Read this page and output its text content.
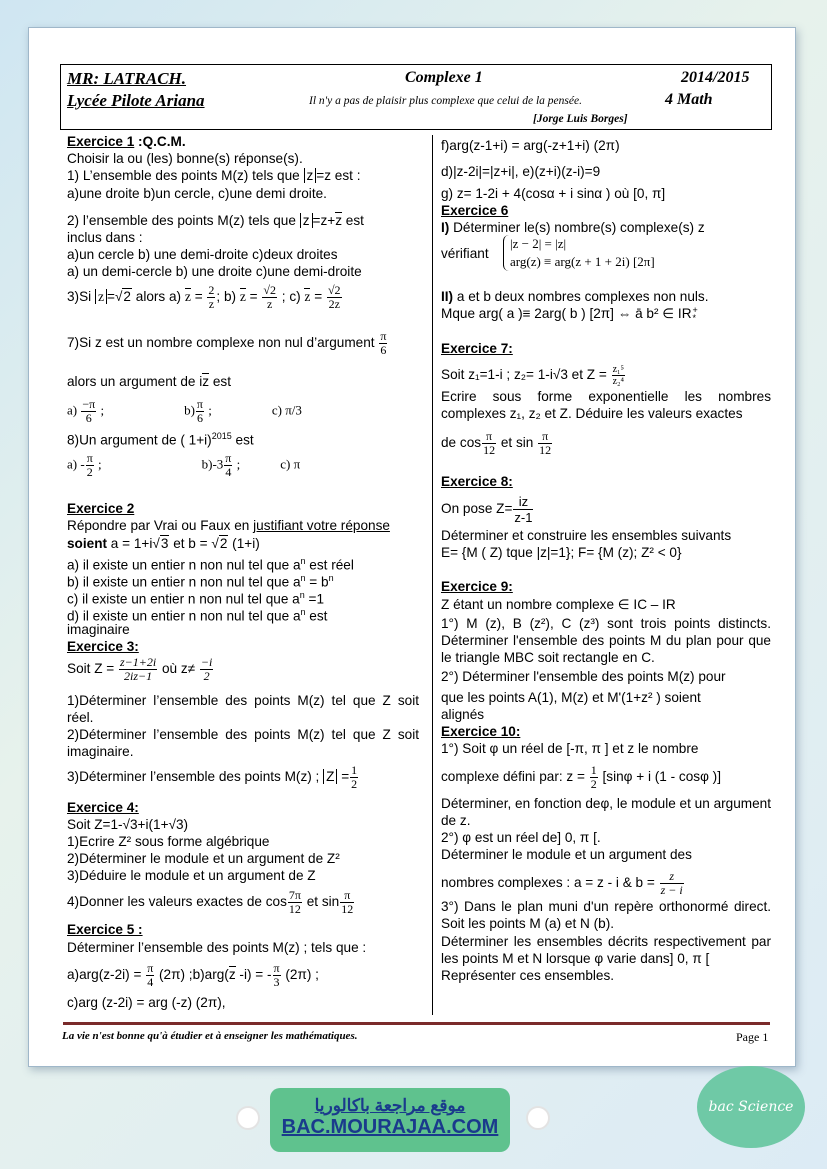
MR: LATRACH.	Complexe 1	2014/2015
Lycée Pilote Ariana	Il n'y a pas de plaisir plus complexe que celui de la pensée.	4 Math
[Jorge Luis Borges]
Exercice 1 :Q.C.M.
Choisir la ou (les) bonne(s) réponse(s).
1) L’ensemble des points M(z) tels que z =z est :
a)une droite b)un cercle, c)une demi droite.
2) l’ensemble des points M(z) tels que z =z+z est
inclus dans :
a)un cercle b) une demi-droite c)deux droites
a) un demi-cercle b) une droite c)une demi-droite
3)Si z =√2 alors a) $z = \frac{2}{z}$ ; b) $z = \frac{√2}{z}$ ; c) $z = \frac{√2}{2z}$
7)Si z est un nombre complexe non nul d’argument $\frac{\pi}{6}$
alors un argument de iz est
$a) \frac{-\pi}{6}$ ;	$b) \frac{\pi}{6}$ ;	c) π/3
8)Un argument de ( 1+i)$^{2015}$ est
$a) - \frac{\pi}{2}$ ;	$b)-3 \frac{\pi}{4}$ ;	c) π
Exercice 2
Répondre par Vrai ou Faux en justifiant votre réponse
soient a = 1+i√3 et b = √2 (1+i)
a) il existe un entier n non nul tel que $a^n$ est réel
b) il existe un entier n non nul tel que $a^n = b^n$
c) il existe un entier n non nul tel que $a^n =1$
d) il existe un entier n non nul tel que $a^n$ est
imaginaire
Exercice 3:
Soit $Z = \frac{z-1+2i}{2iz-1}$ où $z\ne \frac{-i}{2}$
1)Déterminer l’ensemble des points M(z) tel que Z soit réel.
2)Déterminer l’ensemble des points M(z) tel que Z soit imaginaire.
3)Déterminer l’ensemble des points M(z) ; $Z = \frac{1}{2}$
Exercice 4:
Soit Z=1-√3+i(1+√3)
1)Ecrire Z² sous forme algébrique
2)Déterminer le module et un argument de Z²
3)Déduire le module et un argument de Z
4)Donner les valeurs exactes de $\cos \frac{7\pi}{12}$ et $\sin \frac{\pi}{12}$
Exercice 5 :
Déterminer l’ensemble des points M(z) ; tels que :
$a)arg(z-2i) = \frac{\pi}{4} (2\pi)$ ;b)arg(z -i) = - $\frac{\pi}{3} (2\pi)$ ;
c)arg (z-2i) = arg (-z) (2π),
f)arg(z-1+i) = arg(-z+1+i) (2π)
d)|z-2i|=|z+i|, e)(z+i)(z-i)=9
g) z= 1-2i + 4(cosα + i sinα ) où [0, π]
Exercice 6
I) Déterminer le(s) nombre(s) complexe(s) z
vérifiant
|z − 2| = |z|
arg(z) ≡ arg(z + 1 + 2i) [2π]
II) a et b deux nombres complexes non nuls.
Mque arg( a )≡ 2arg( b ) [2π] ⇔ ā b² ∈ IR +
*
Exercice 7:
Soit z₁=1-i ; z₂= 1-i√3 et $Z = \frac{\text{z₁⁵}}{\text{z₂⁴}}$
Ecrire sous forme exponentielle les nombres complexes z₁, z₂ et Z. Déduire les valeurs exactes
de $\cos \frac{\pi}{12}$ et $\sin \frac{\pi}{12}$
Exercice 8:
On pose $Z= \frac{iz}{z-1}$
Déterminer et construire les ensembles suivants
E= {M ( Z) tque |z|=1}; F= {M (z); Z² < 0}
Exercice 9:
Z étant un nombre complexe ∈ IC – IR
1°) M (z), B (z²), C (z³) sont trois points distincts. Déterminer l'ensemble des points M du plan pour que le triangle MBC soit rectangle en C.
2°) Déterminer l'ensemble des points M(z) pour
que les points A(1), M(z) et M'(1+z² ) soient
alignés
Exercice 10:
1°) Soit φ un réel de [-π, π ] et z le nombre
complexe défini par: $z = \frac{1}{2} [\sin\varphi + i$ (1 - cosφ )]
Déterminer, en fonction deφ, le module et un argument de z.
2°) φ est un réel de] 0, π [.
Déterminer le module et un argument des
nombres complexes : a = z - i & $b = \frac{z}{z - i}$
3°) Dans le plan muni d'un repère orthonormé direct. Soit les points M (a) et N (b).
Déterminer les ensembles décrits respectivement par les points M et N lorsque φ varie dans] 0, π [
Représenter ces ensembles.
La vie n'est bonne qu'à étudier et à enseigner les mathématiques.	Page 1
موقع مراجعة باكالوريا
BAC.MOURAJAA.COM
bac Science
